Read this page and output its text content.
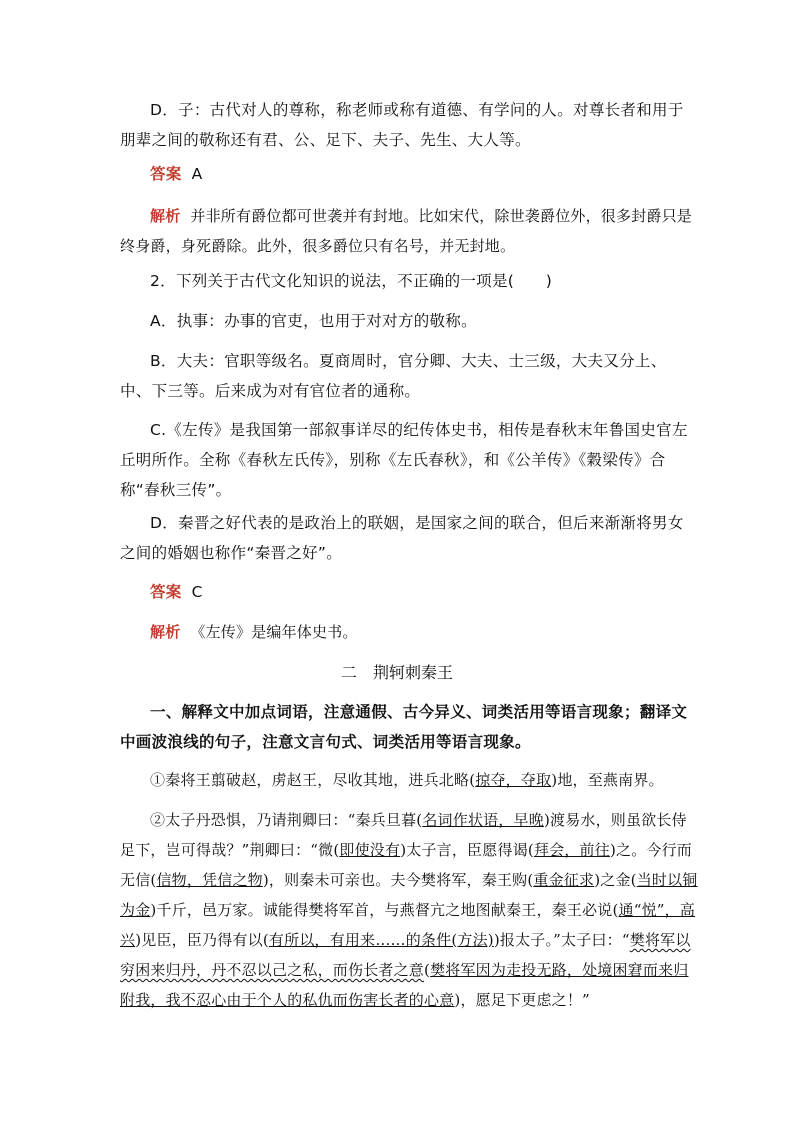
D．子：古代对人的尊称，称老师或称有道德、有学问的人。对尊长者和用于朋辈之间的敬称还有君、公、足下、夫子、先生、大人等。
答案 A
解析 并非所有爵位都可世袭并有封地。比如宋代，除世袭爵位外，很多封爵只是终身爵，身死爵除。此外，很多爵位只有名号，并无封地。
2．下列关于古代文化知识的说法，不正确的一项是(　　)
A．执事：办事的官吏，也用于对对方的敬称。
B．大夫：官职等级名。夏商周时，官分卿、大夫、士三级，大夫又分上、中、下三等。后来成为对有官位者的通称。
C.《左传》是我国第一部叙事详尽的纪传体史书，相传是春秋末年鲁国史官左丘明所作。全称《春秋左氏传》，别称《左氏春秋》，和《公羊传》《穀梁传》合称“春秋三传”。
D．秦晋之好代表的是政治上的联姻，是国家之间的联合，但后来渐渐将男女之间的婚姻也称作“秦晋之好”。
答案 C
解析 《左传》是编年体史书。
二　荆轲刺秦王
一、解释文中加点词语，注意通假、古今异义、词类活用等语言现象；翻译文中画波浪线的句子，注意文言句式、词类活用等语言现象。
①秦将王翦破赵，虏赵王，尽收其地，进兵北略(掠夺，夺取)地，至燕南界。
②太子丹恐惧，乃请荆卿曰：“秦兵旦暮(名词作状语，早晚)渡易水，则虽欲长侍足下，岂可得哉？”荆卿曰：“微(即使没有)太子言，臣愿得谒(拜会，前往)之。今行而无信(信物，凭信之物)，则秦未可亲也。夫今樊将军，秦王购(重金征求)之金(当时以铜为金)千斤，邑万家。诚能得樊将军首，与燕督亢之地图献秦王，秦王必说(通“悦”，高兴)见臣，臣乃得有以(有所以，有用来……的条件(方法))报太子。”太子曰：“樊将军以穷困来归丹，丹不忍以己之私，而伤长者之意(樊将军因为走投无路，处境困窘而来归附我，我不忍心由于个人的私仇而伤害长者的心意)，愿足下更虑之！”
